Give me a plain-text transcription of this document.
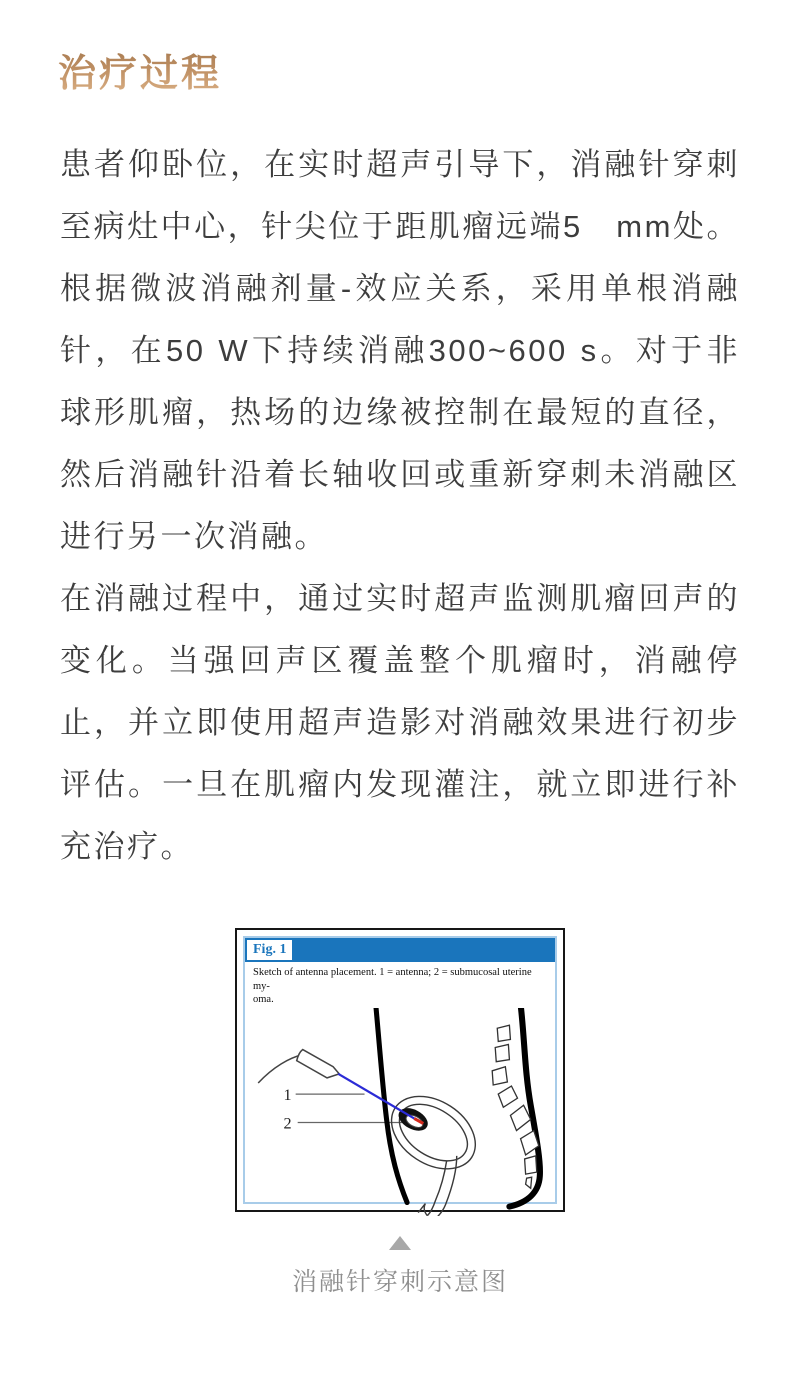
治疗过程

患者仰卧位，在实时超声引导下，消融针穿刺至病灶中心，针尖位于距肌瘤远端5　mm处。根据微波消融剂量-效应关系，采用单根消融针，在50 W下持续消融300~600 s。对于非球形肌瘤，热场的边缘被控制在最短的直径，然后消融针沿着长轴收回或重新穿刺未消融区进行另一次消融。

在消融过程中，通过实时超声监测肌瘤回声的变化。当强回声区覆盖整个肌瘤时，消融停止，并立即使用超声造影对消融效果进行初步评估。一旦在肌瘤内发现灌注，就立即进行补充治疗。

Fig. 1
Sketch of antenna placement. 1 = antenna; 2 = submucosal uterine my-
oma.
1
2
消融针穿刺示意图
